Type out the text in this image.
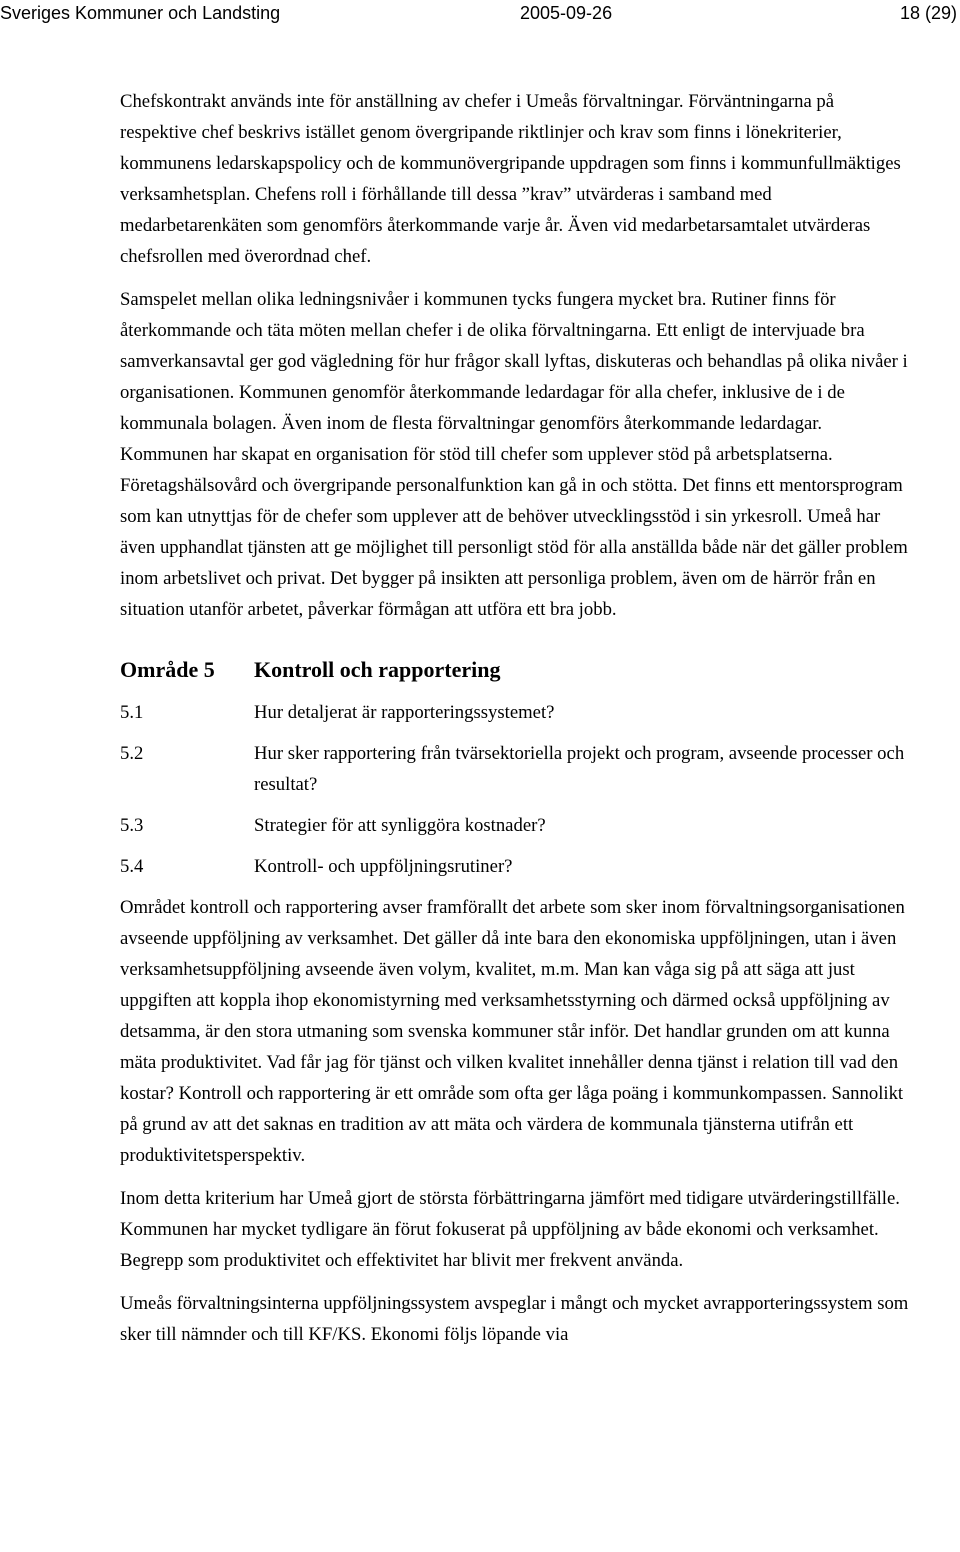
Sveriges Kommuner och Landsting	2005-09-26	18 (29)

Chefskontrakt används inte för anställning av chefer i Umeås förvaltningar. Förväntningarna på respektive chef beskrivs istället genom övergripande riktlinjer och krav som finns i lönekriterier, kommunens ledarskapspolicy och de kommunövergripande uppdragen som finns i kommunfullmäktiges verksamhetsplan. Chefens roll i förhållande till dessa ”krav” utvärderas i samband med medarbetarenkäten som genomförs återkommande varje år. Även vid medarbetarsamtalet utvärderas chefsrollen med överordnad chef.

Samspelet mellan olika ledningsnivåer i kommunen tycks fungera mycket bra. Rutiner finns för återkommande och täta möten mellan chefer i de olika förvaltningarna. Ett enligt de intervjuade bra samverkansavtal ger god vägledning för hur frågor skall lyftas, diskuteras och behandlas på olika nivåer i organisationen. Kommunen genomför återkommande ledardagar för alla chefer, inklusive de i de kommunala bolagen. Även inom de flesta förvaltningar genomförs återkommande ledardagar. Kommunen har skapat en organisation för stöd till chefer som upplever stöd på arbetsplatserna. Företagshälsovård och övergripande personalfunktion kan gå in och stötta. Det finns ett mentorsprogram som kan utnyttjas för de chefer som upplever att de behöver utvecklingsstöd i sin yrkesroll. Umeå har även upphandlat tjänsten att ge möjlighet till personligt stöd för alla anställda både när det gäller problem inom arbetslivet och privat. Det bygger på insikten att personliga problem, även om de härrör från en situation utanför arbetet, påverkar förmågan att utföra ett bra jobb.

Område 5	Kontroll och rapportering
5.1	Hur detaljerat är rapporteringssystemet?
5.2	Hur sker rapportering från tvärsektoriella projekt och program, avseende processer och resultat?
5.3	Strategier för att synliggöra kostnader?
5.4	Kontroll- och uppföljningsrutiner?

Området kontroll och rapportering avser framförallt det arbete som sker inom förvaltningsorganisationen avseende uppföljning av verksamhet. Det gäller då inte bara den ekonomiska uppföljningen, utan i även verksamhetsuppföljning avseende även volym, kvalitet, m.m. Man kan våga sig på att säga att just uppgiften att koppla ihop ekonomistyrning med verksamhetsstyrning och därmed också uppföljning av detsamma, är den stora utmaning som svenska kommuner står inför. Det handlar grunden om att kunna mäta produktivitet. Vad får jag för tjänst och vilken kvalitet innehåller denna tjänst i relation till vad den kostar? Kontroll och rapportering är ett område som ofta ger låga poäng i kommunkompassen. Sannolikt på grund av att det saknas en tradition av att mäta och värdera de kommunala tjänsterna utifrån ett produktivitetsperspektiv.

Inom detta kriterium har Umeå gjort de största förbättringarna jämfört med tidigare utvärderingstillfälle. Kommunen har mycket tydligare än förut fokuserat på uppföljning av både ekonomi och verksamhet. Begrepp som produktivitet och effektivitet har blivit mer frekvent använda.

Umeås förvaltningsinterna uppföljningssystem avspeglar i mångt och mycket avrapporteringssystem som sker till nämnder och till KF/KS. Ekonomi följs löpande via
